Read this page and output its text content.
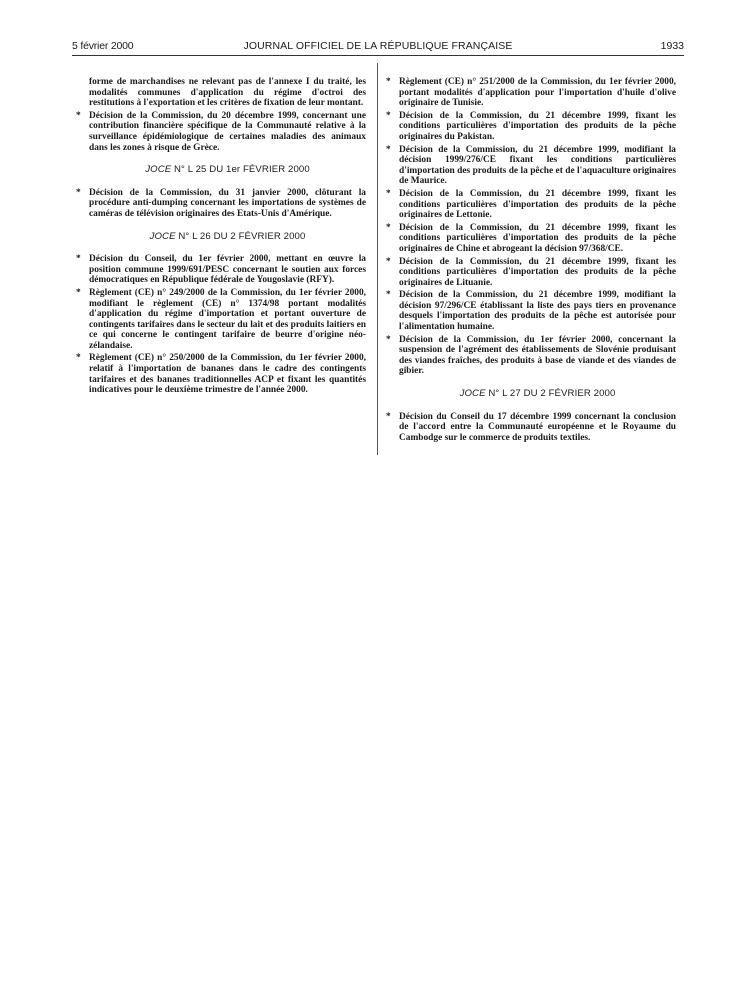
5 février 2000	JOURNAL OFFICIEL DE LA RÉPUBLIQUE FRANÇAISE	1933
forme de marchandises ne relevant pas de l'annexe I du traité, les modalités communes d'application du régime d'octroi des restitutions à l'exportation et les critères de fixation de leur montant.
* Décision de la Commission, du 20 décembre 1999, concernant une contribution financière spécifique de la Communauté relative à la surveillance épidémiologique de certaines maladies des animaux dans les zones à risque de Grèce.
JOCE N° L 25 DU 1er FÉVRIER 2000
* Décision de la Commission, du 31 janvier 2000, clôturant la procédure anti-dumping concernant les importations de systèmes de caméras de télévision originaires des Etats-Unis d'Amérique.
JOCE N° L 26 DU 2 FÉVRIER 2000
* Décision du Conseil, du 1er février 2000, mettant en œuvre la position commune 1999/691/PESC concernant le soutien aux forces démocratiques en République fédérale de Yougoslavie (RFY).
* Règlement (CE) n° 249/2000 de la Commission, du 1er février 2000, modifiant le règlement (CE) n° 1374/98 portant modalités d'application du régime d'importation et portant ouverture de contingents tarifaires dans le secteur du lait et des produits laitiers en ce qui concerne le contingent tarifaire de beurre d'origine néo-zélandaise.
* Règlement (CE) n° 250/2000 de la Commission, du 1er février 2000, relatif à l'importation de bananes dans le cadre des contingents tarifaires et des bananes traditionnelles ACP et fixant les quantités indicatives pour le deuxième trimestre de l'année 2000.
* Règlement (CE) n° 251/2000 de la Commission, du 1er février 2000, portant modalités d'application pour l'importation d'huile d'olive originaire de Tunisie.
* Décision de la Commission, du 21 décembre 1999, fixant les conditions particulières d'importation des produits de la pêche originaires du Pakistan.
* Décision de la Commission, du 21 décembre 1999, modifiant la décision 1999/276/CE fixant les conditions particulières d'importation des produits de la pêche et de l'aquaculture originaires de Maurice.
* Décision de la Commission, du 21 décembre 1999, fixant les conditions particulières d'importation des produits de la pêche originaires de Lettonie.
* Décision de la Commission, du 21 décembre 1999, fixant les conditions particulières d'importation des produits de la pêche originaires de Chine et abrogeant la décision 97/368/CE.
* Décision de la Commission, du 21 décembre 1999, fixant les conditions particulières d'importation des produits de la pêche originaires de Lituanie.
* Décision de la Commission, du 21 décembre 1999, modifiant la décision 97/296/CE établissant la liste des pays tiers en provenance desquels l'importation des produits de la pêche est autorisée pour l'alimentation humaine.
* Décision de la Commission, du 1er février 2000, concernant la suspension de l'agrément des établissements de Slovénie produisant des viandes fraîches, des produits à base de viande et des viandes de gibier.
JOCE N° L 27 DU 2 FÉVRIER 2000
* Décision du Conseil du 17 décembre 1999 concernant la conclusion de l'accord entre la Communauté européenne et le Royaume du Cambodge sur le commerce de produits textiles.
